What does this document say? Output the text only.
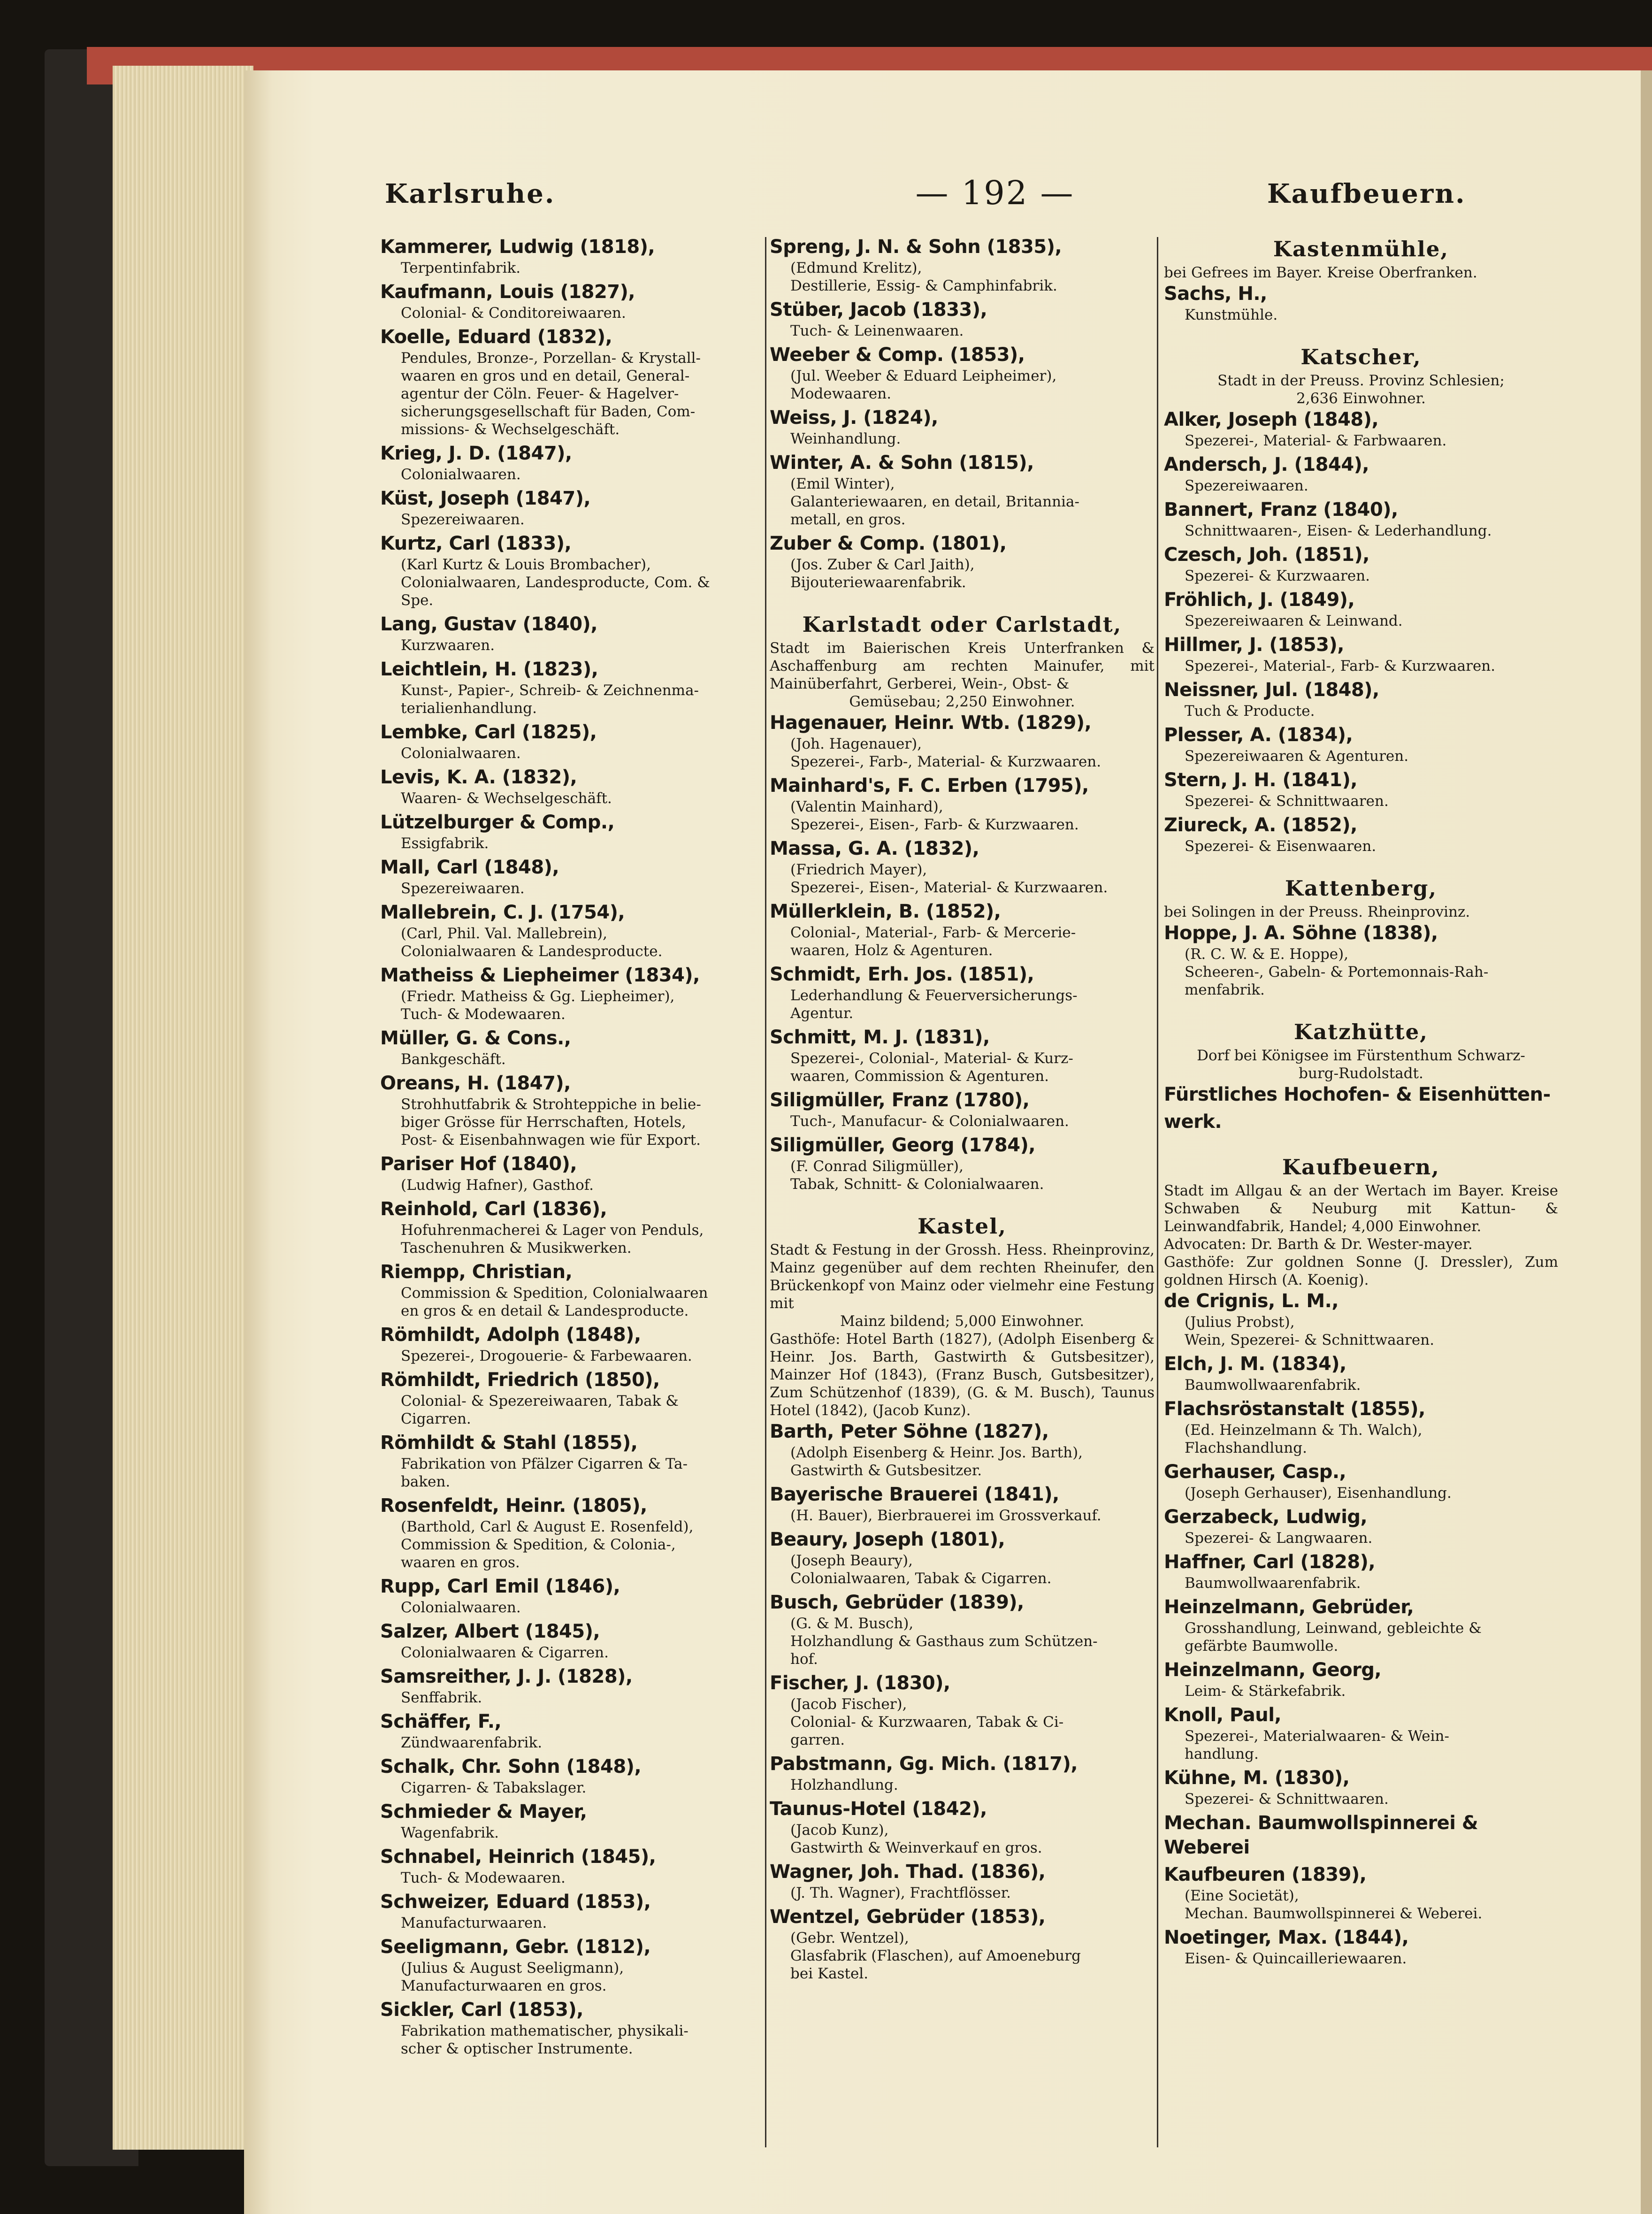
Karlsruhe.	— 192 —	Kaufbeuern.
Kammerer, Ludwig (1818),
Terpentinfabrik.
Kaufmann, Louis (1827),
Colonial- & Conditoreiwaaren.
Koelle, Eduard (1832),
Pendules, Bronze-, Porzellan- & Krystall-
waaren en gros und en detail, General-
agentur der Cöln. Feuer- & Hagelver-
sicherungsgesellschaft für Baden, Com-
missions- & Wechselgeschäft.
Krieg, J. D. (1847),
Colonialwaaren.
Küst, Joseph (1847),
Spezereiwaaren.
Kurtz, Carl (1833),
(Karl Kurtz & Louis Brombacher),
Colonialwaaren, Landesproducte, Com. &
Spe.
Lang, Gustav (1840),
Kurzwaaren.
Leichtlein, H. (1823),
Kunst-, Papier-, Schreib- & Zeichnenma-
terialienhandlung.
Lembke, Carl (1825),
Colonialwaaren.
Levis, K. A. (1832),
Waaren- & Wechselgeschäft.
Lützelburger & Comp.,
Essigfabrik.
Mall, Carl (1848),
Spezereiwaaren.
Mallebrein, C. J. (1754),
(Carl, Phil. Val. Mallebrein),
Colonialwaaren & Landesproducte.
Matheiss & Liepheimer (1834),
(Friedr. Matheiss & Gg. Liepheimer),
Tuch- & Modewaaren.
Müller, G. & Cons.,
Bankgeschäft.
Oreans, H. (1847),
Strohhutfabrik & Strohteppiche in belie-
biger Grösse für Herrschaften, Hotels,
Post- & Eisenbahnwagen wie für Export.
Pariser Hof (1840),
(Ludwig Hafner), Gasthof.
Reinhold, Carl (1836),
Hofuhrenmacherei & Lager von Penduls,
Taschenuhren & Musikwerken.
Riempp, Christian,
Commission & Spedition, Colonialwaaren
en gros & en detail & Landesproducte.
Römhildt, Adolph (1848),
Spezerei-, Drogouerie- & Farbewaaren.
Römhildt, Friedrich (1850),
Colonial- & Spezereiwaaren, Tabak &
Cigarren.
Römhildt & Stahl (1855),
Fabrikation von Pfälzer Cigarren & Ta-
baken.
Rosenfeldt, Heinr. (1805),
(Barthold, Carl & August E. Rosenfeld),
Commission & Spedition, & Colonia-,
waaren en gros.
Rupp, Carl Emil (1846),
Colonialwaaren.
Salzer, Albert (1845),
Colonialwaaren & Cigarren.
Samsreither, J. J. (1828),
Senffabrik.
Schäffer, F.,
Zündwaarenfabrik.
Schalk, Chr. Sohn (1848),
Cigarren- & Tabakslager.
Schmieder & Mayer,
Wagenfabrik.
Schnabel, Heinrich (1845),
Tuch- & Modewaaren.
Schweizer, Eduard (1853),
Manufacturwaaren.
Seeligmann, Gebr. (1812),
(Julius & August Seeligmann),
Manufacturwaaren en gros.
Sickler, Carl (1853),
Fabrikation mathematischer, physikali-
scher & optischer Instrumente.
Spreng, J. N. & Sohn (1835),
(Edmund Krelitz),
Destillerie, Essig- & Camphinfabrik.
Stüber, Jacob (1833),
Tuch- & Leinenwaaren.
Weeber & Comp. (1853),
(Jul. Weeber & Eduard Leipheimer),
Modewaaren.
Weiss, J. (1824),
Weinhandlung.
Winter, A. & Sohn (1815),
(Emil Winter),
Galanteriewaaren, en detail, Britannia-
metall, en gros.
Zuber & Comp. (1801),
(Jos. Zuber & Carl Jaith),
Bijouteriewaarenfabrik.
Karlstadt oder Carlstadt,
Stadt im Baierischen Kreis Unterfranken & Aschaffenburg am rechten Mainufer, mit Mainüberfahrt, Gerberei, Wein-, Obst- &
Gemüsebau; 2,250 Einwohner.
Hagenauer, Heinr. Wtb. (1829),
(Joh. Hagenauer),
Spezerei-, Farb-, Material- & Kurzwaaren.
Mainhard's, F. C. Erben (1795),
(Valentin Mainhard),
Spezerei-, Eisen-, Farb- & Kurzwaaren.
Massa, G. A. (1832),
(Friedrich Mayer),
Spezerei-, Eisen-, Material- & Kurzwaaren.
Müllerklein, B. (1852),
Colonial-, Material-, Farb- & Mercerie-
waaren, Holz & Agenturen.
Schmidt, Erh. Jos. (1851),
Lederhandlung & Feuerversicherungs-
Agentur.
Schmitt, M. J. (1831),
Spezerei-, Colonial-, Material- & Kurz-
waaren, Commission & Agenturen.
Siligmüller, Franz (1780),
Tuch-, Manufacur- & Colonialwaaren.
Siligmüller, Georg (1784),
(F. Conrad Siligmüller),
Tabak, Schnitt- & Colonialwaaren.
Kastel,
Stadt & Festung in der Grossh. Hess. Rheinprovinz, Mainz gegenüber auf dem rechten Rheinufer, den Brückenkopf von Mainz oder vielmehr eine Festung mit
Mainz bildend; 5,000 Einwohner.
Gasthöfe: Hotel Barth (1827), (Adolph Eisenberg & Heinr. Jos. Barth, Gastwirth & Gutsbesitzer), Mainzer Hof (1843), (Franz Busch, Gutsbesitzer), Zum Schützenhof (1839), (G. & M. Busch), Taunus Hotel (1842), (Jacob Kunz).
Barth, Peter Söhne (1827),
(Adolph Eisenberg & Heinr. Jos. Barth),
Gastwirth & Gutsbesitzer.
Bayerische Brauerei (1841),
(H. Bauer), Bierbrauerei im Grossverkauf.
Beaury, Joseph (1801),
(Joseph Beaury),
Colonialwaaren, Tabak & Cigarren.
Busch, Gebrüder (1839),
(G. & M. Busch),
Holzhandlung & Gasthaus zum Schützen-
hof.
Fischer, J. (1830),
(Jacob Fischer),
Colonial- & Kurzwaaren, Tabak & Ci-
garren.
Pabstmann, Gg. Mich. (1817),
Holzhandlung.
Taunus-Hotel (1842),
(Jacob Kunz),
Gastwirth & Weinverkauf en gros.
Wagner, Joh. Thad. (1836),
(J. Th. Wagner), Frachtflösser.
Wentzel, Gebrüder (1853),
(Gebr. Wentzel),
Glasfabrik (Flaschen), auf Amoeneburg
bei Kastel.
Kastenmühle,
bei Gefrees im Bayer. Kreise Oberfranken.
Sachs, H.,
Kunstmühle.
Katscher,
Stadt in der Preuss. Provinz Schlesien;
2,636 Einwohner.
Alker, Joseph (1848),
Spezerei-, Material- & Farbwaaren.
Andersch, J. (1844),
Spezereiwaaren.
Bannert, Franz (1840),
Schnittwaaren-, Eisen- & Lederhandlung.
Czesch, Joh. (1851),
Spezerei- & Kurzwaaren.
Fröhlich, J. (1849),
Spezereiwaaren & Leinwand.
Hillmer, J. (1853),
Spezerei-, Material-, Farb- & Kurzwaaren.
Neissner, Jul. (1848),
Tuch & Producte.
Plesser, A. (1834),
Spezereiwaaren & Agenturen.
Stern, J. H. (1841),
Spezerei- & Schnittwaaren.
Ziureck, A. (1852),
Spezerei- & Eisenwaaren.
Kattenberg,
bei Solingen in der Preuss. Rheinprovinz.
Hoppe, J. A. Söhne (1838),
(R. C. W. & E. Hoppe),
Scheeren-, Gabeln- & Portemonnais-Rah-
menfabrik.
Katzhütte,
Dorf bei Königsee im Fürstenthum Schwarz-
burg-Rudolstadt.
Fürstliches Hochofen- & Eisenhütten-
werk.
Kaufbeuern,
Stadt im Allgau & an der Wertach im Bayer. Kreise Schwaben & Neuburg mit Kattun- & Leinwandfabrik, Handel; 4,000 Einwohner.
Advocaten: Dr. Barth & Dr. Wester-mayer.
Gasthöfe: Zur goldnen Sonne (J. Dressler), Zum goldnen Hirsch (A. Koenig).
de Crignis, L. M.,
(Julius Probst),
Wein, Spezerei- & Schnittwaaren.
Elch, J. M. (1834),
Baumwollwaarenfabrik.
Flachsröstanstalt (1855),
(Ed. Heinzelmann & Th. Walch),
Flachshandlung.
Gerhauser, Casp.,
(Joseph Gerhauser), Eisenhandlung.
Gerzabeck, Ludwig,
Spezerei- & Langwaaren.
Haffner, Carl (1828),
Baumwollwaarenfabrik.
Heinzelmann, Gebrüder,
Grosshandlung, Leinwand, gebleichte &
gefärbte Baumwolle.
Heinzelmann, Georg,
Leim- & Stärkefabrik.
Knoll, Paul,
Spezerei-, Materialwaaren- & Wein-
handlung.
Kühne, M. (1830),
Spezerei- & Schnittwaaren.
Mechan. Baumwollspinnerei & Weberei
Kaufbeuren (1839),
(Eine Societät),
Mechan. Baumwollspinnerei & Weberei.
Noetinger, Max. (1844),
Eisen- & Quincailleriewaaren.
